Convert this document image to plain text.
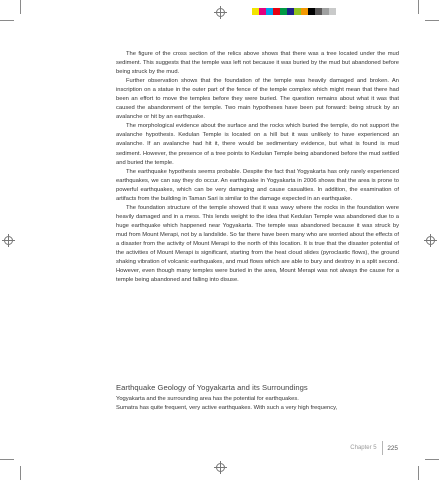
The figure of the cross section of the relics above shows that there was a tree located under the mud sediment. This suggests that the temple was left not because it was buried by the mud but abandoned before being struck by the mud.

Further observation shows that the foundation of the temple was heavily damaged and broken. An inscription on a statue in the outer part of the fence of the temple complex which might mean that there had been an effort to move the temples before they were buried. The question remains about what it was that caused the abandonment of the temple. Two main hypotheses have been put forward: being struck by an avalanche or hit by an earthquake.

The morphological evidence about the surface and the rocks which buried the temple, do not support the avalanche hypothesis. Kedulan Temple is located on a hill but it was unlikely to have experienced an avalanche. If an avalanche had hit it, there would be sedimentary evidence, but what is found is mud sediment. However, the presence of a tree points to Kedulan Temple being abandoned before the mud settled and buried the temple.

The earthquake hypothesis seems probable. Despite the fact that Yogyakarta has only rarely experienced earthquakes, we can say they do occur. An earthquake in Yogyakarta in 2006 shows that the area is prone to powerful earthquakes, which can be very damaging and cause casualties. In addition, the examination of artifacts from the building in Taman Sari is similar to the damage expected in an earthquake.

The foundation structure of the temple showed that it was wavy where the rocks in the foundation were heavily damaged and in a mess. This lends weight to the idea that Kedulan Temple was abandoned due to a huge earthquake which happened near Yogyakarta. The temple was abandoned because it was struck by mud from Mount Merapi, not by a landslide. So far there have been many who are worried about the effects of a disaster from the activity of Mount Merapi to the north of this location. It is true that the disaster potential of the activities of Mount Merapi is significant, starting from the heat cloud slides (pyroclastic flows), the ground shaking vibration of volcanic earthquakes, and mud flows which are able to bury and destroy in a split second. However, even though many temples were buried in the area, Mount Merapi was not always the cause for a temple being abandoned and falling into disuse.

Earthquake Geology of Yogyakarta and its Surroundings

Yogyakarta and the surrounding area has the potential for earthquakes.

Sumatra has quite frequent, very active earthquakes. With such a very high frequency,

Chapter 5 225
